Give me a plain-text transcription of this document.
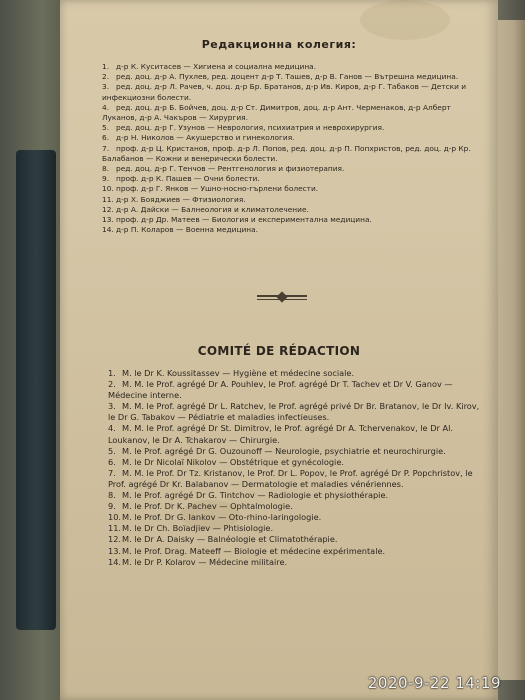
Редакционна колегия:
1. д-р К. Куситасев — Хигиена и социална медицина.
2. ред. доц. д-р А. Пухлев, ред. доцент д-р Т. Ташев, д-р В. Ганов — Вътрешна медицина.
3. ред. доц. д-р Л. Рачев, ч. доц. д-р Бр. Братанов, д-р Ив. Киров, д-р Г. Табаков — Детски и инфекциозни болести.
4. ред. доц. д-р Б. Бойчев, доц. д-р Ст. Димитров, доц. д-р Ант. Черменаков, д-р Алберт Луканов, д-р А. Чакъров — Хирургия.
5. ред. доц. д-р Г. Узунов — Неврология, психиатрия и неврохирургия.
6. д-р Н. Николов — Акушерство и гинекология.
7. проф. д-р Ц. Кристанов, проф. д-р Л. Попов, ред. доц. д-р П. Попхристов, ред. доц. д-р Кр. Балабанов — Кожни и венерически болести.
8. ред. доц. д-р Г. Тенчов — Рентгенология и физиотерапия.
9. проф. д-р К. Пашев — Очни болести.
10. проф. д-р Г. Янков — Ушно-носно-гърлени болести.
11. д-р Х. Бояджиев — Фтизиология.
12. д-р А. Дайски — Балнеология и климатолечение.
13. проф. д-р Др. Матеев — Биология и експериментална медицина.
14. д-р П. Коларов — Военна медицина.
COMITÉ DE RÉDACTION
1. M. le Dr K. Koussitassev — Hygiène et médecine sociale.
2. M. M. le Prof. agrégé Dr A. Pouhlev, le Prof. agrégé Dr T. Tachev et Dr V. Ganov — Médecine interne.
3. M. M. le Prof. agrégé Dr L. Ratchev, le Prof. agrégé privé Dr Br. Bratanov, le Dr Iv. Kirov, le Dr G. Tabakov — Pédiatrie et maladies infectieuses.
4. M. M. le Prof. agrégé Dr St. Dimitrov, le Prof. agrégé Dr A. Tchervenakov, le Dr Al. Loukanov, le Dr A. Tchakarov — Chirurgie.
5. M. le Prof. agrégé Dr G. Ouzounoff — Neurologie, psychiatrie et neurochirurgie.
6. M. le Dr Nicolaï Nikolov — Obstétrique et gynécologie.
7. M. M. le Prof. Dr Tz. Kristanov, le Prof. Dr L. Popov, le Prof. agrégé Dr P. Popchristov, le Prof. agrégé Dr Kr. Balabanov — Dermatologie et maladies vénériennes.
8. M. le Prof. agrégé Dr G. Tintchov — Radiologie et physiothérapie.
9. M. le Prof. Dr K. Pachev — Ophtalmologie.
10.M. le Prof. Dr G. Iankov — Oto-rhino-laringologie.
11.M. le Dr Ch. Boïadjiev — Phtisiologie.
12.M. le Dr A. Daisky — Balnéologie et Climatothérapie.
13.M. le Prof. Drag. Mateeff — Biologie et médecine expérimentale.
14.M. le Dr P. Kolarov — Médecine militaire.
2020-9-22 14:19
